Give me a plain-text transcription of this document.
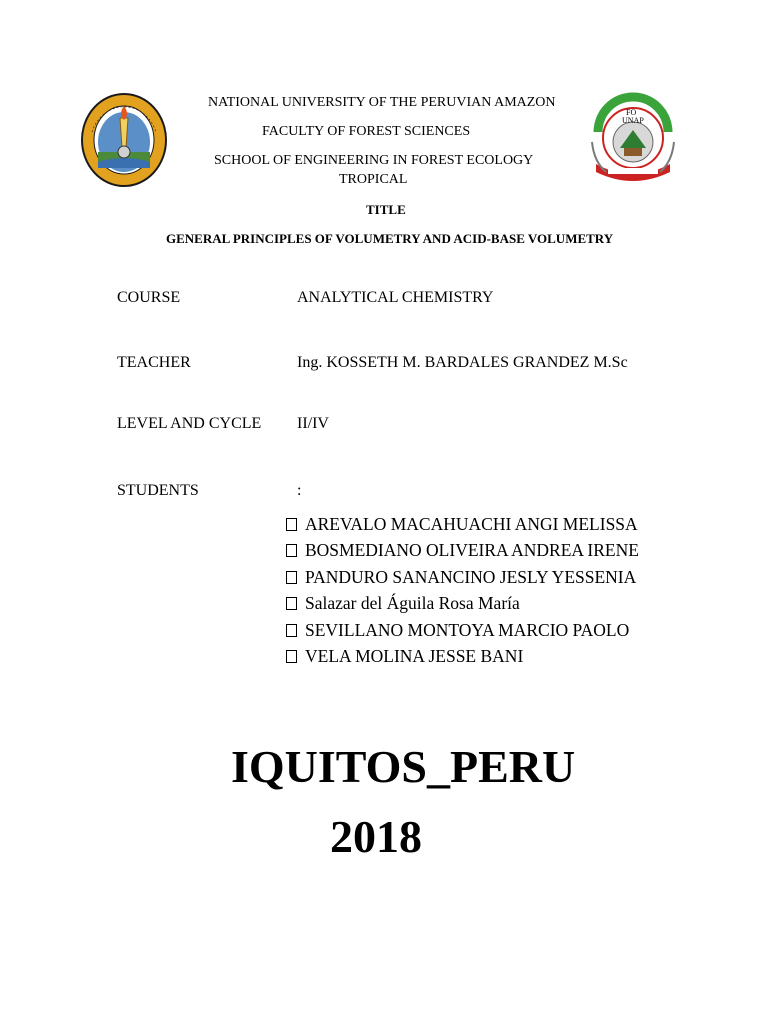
FO
UNAP
NATIONAL UNIVERSITY OF THE PERUVIAN AMAZON
FACULTY OF FOREST SCIENCES
SCHOOL OF ENGINEERING IN FOREST ECOLOGY
TROPICAL
TITLE
GENERAL PRINCIPLES OF VOLUMETRY AND ACID-BASE VOLUMETRY
COURSE	ANALYTICAL CHEMISTRY
TEACHER	Ing. KOSSETH M. BARDALES GRANDEZ M.Sc
LEVEL AND CYCLE II/IV
STUDENTS	:
AREVALO MACAHUACHI ANGI MELISSA
BOSMEDIANO OLIVEIRA ANDREA IRENE
PANDURO SANANCINO JESLY YESSENIA
Salazar del Águila Rosa María
SEVILLANO MONTOYA MARCIO PAOLO
VELA MOLINA JESSE BANI
IQUITOS_PERU
2018
